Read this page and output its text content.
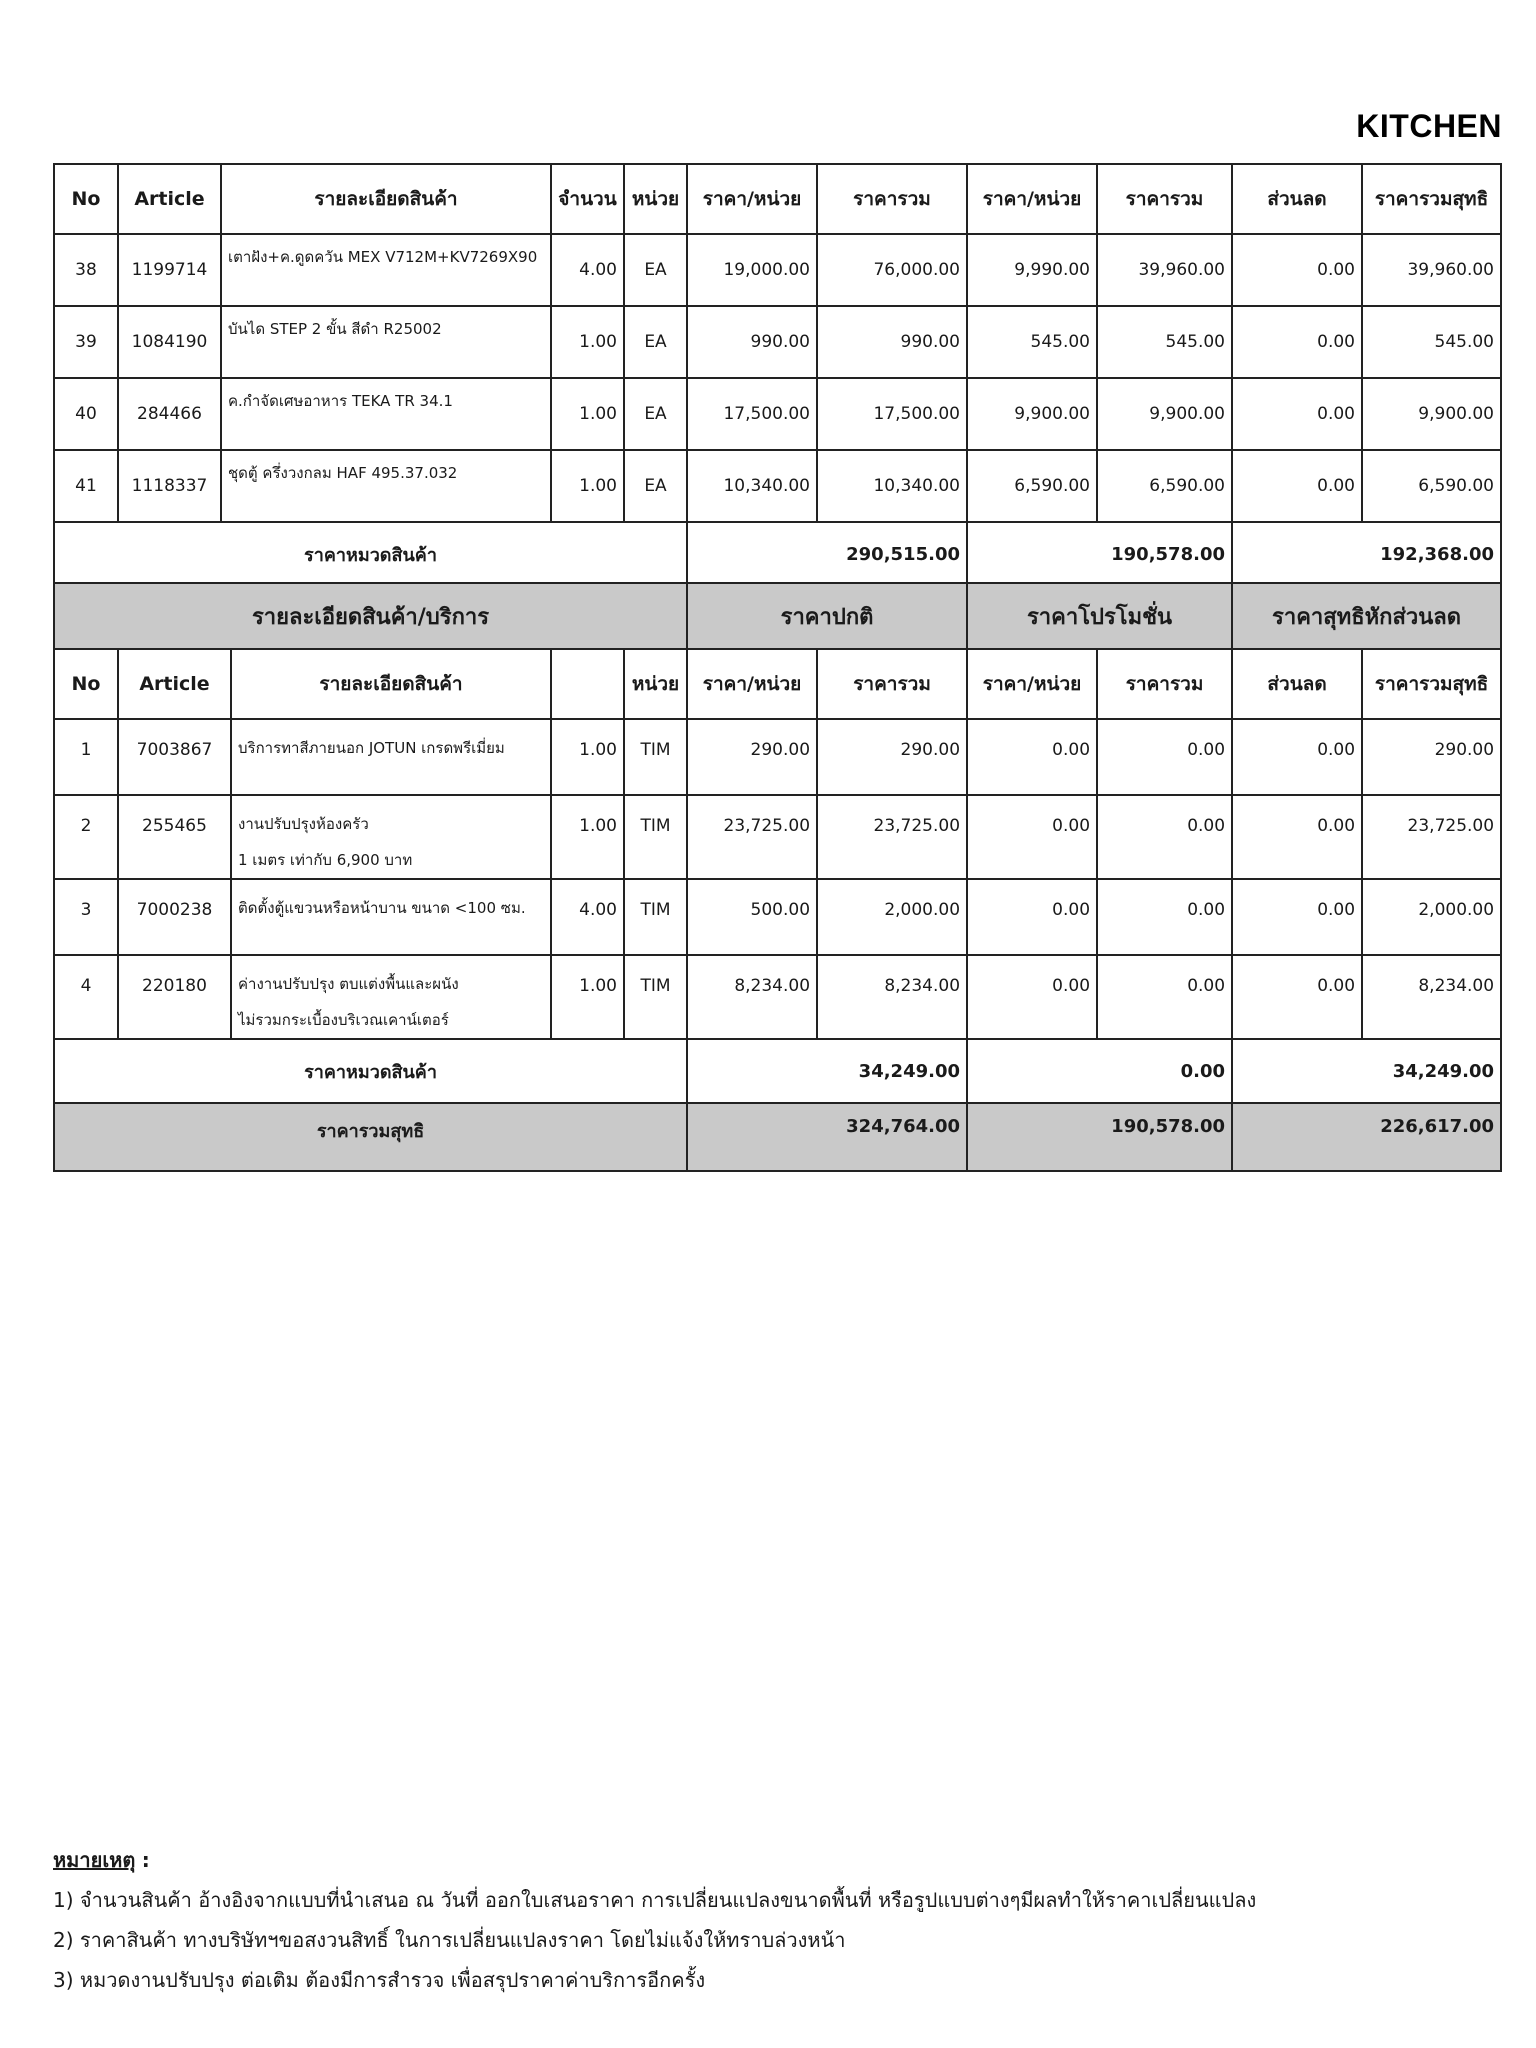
KITCHEN
No	Article	รายละเอียดสินค้า	จำนวน	หน่วย	ราคา/หน่วย	ราคารวม	ราคา/หน่วย	ราคารวม	ส่วนลด	ราคารวมสุทธิ
38	1199714	เตาฝัง+ค.ดูดควัน MEX V712M+KV7269X90	4.00	EA	19,000.00	76,000.00	9,990.00	39,960.00	0.00	39,960.00
39	1084190	บันได STEP 2 ขั้น สีดำ R25002	1.00	EA	990.00	990.00	545.00	545.00	0.00	545.00
40	284466	ค.กำจัดเศษอาหาร TEKA TR 34.1	1.00	EA	17,500.00	17,500.00	9,900.00	9,900.00	0.00	9,900.00
41	1118337	ชุดตู้ ครึ่งวงกลม HAF 495.37.032	1.00	EA	10,340.00	10,340.00	6,590.00	6,590.00	0.00	6,590.00
ราคาหมวดสินค้า					290,515.00		190,578.00		192,368.00	
รายละเอียดสินค้า/บริการ					ราคาปกติ		ราคาโปรโมชั่น		ราคาสุทธิหักส่วนลด	
No	Article	รายละเอียดสินค้า		หน่วย	ราคา/หน่วย	ราคารวม	ราคา/หน่วย	ราคารวม	ส่วนลด	ราคารวมสุทธิ
1	7003867	บริการทาสีภายนอก JOTUN เกรดพรีเมี่ยม	1.00	TIM	290.00	290.00	0.00	0.00	0.00	290.00
2	255465	งานปรับปรุงห้องครัว
1 เมตร เท่ากับ 6,900 บาท	1.00	TIM	23,725.00	23,725.00	0.00	0.00	0.00	23,725.00
3	7000238	ติดตั้งตู้แขวนหรือหน้าบาน ขนาด <100 ซม.	4.00	TIM	500.00	2,000.00	0.00	0.00	0.00	2,000.00
4	220180	ค่างานปรับปรุง ตบแต่งพื้นและผนัง
ไม่รวมกระเบื้องบริเวณเคาน์เตอร์	1.00	TIM	8,234.00	8,234.00	0.00	0.00	0.00	8,234.00
ราคาหมวดสินค้า					34,249.00		0.00		34,249.00	
ราคารวมสุทธิ					324,764.00		190,578.00		226,617.00	
หมายเหตุ :
1) จำนวนสินค้า อ้างอิงจากแบบที่นำเสนอ ณ วันที่ ออกใบเสนอราคา การเปลี่ยนแปลงขนาดพื้นที่ หรือรูปแบบต่างๆมีผลทำให้ราคาเปลี่ยนแปลง
2) ราคาสินค้า ทางบริษัทฯขอสงวนสิทธิ์ ในการเปลี่ยนแปลงราคา โดยไม่แจ้งให้ทราบล่วงหน้า
3) หมวดงานปรับปรุง ต่อเติม ต้องมีการสำรวจ เพื่อสรุปราคาค่าบริการอีกครั้ง
